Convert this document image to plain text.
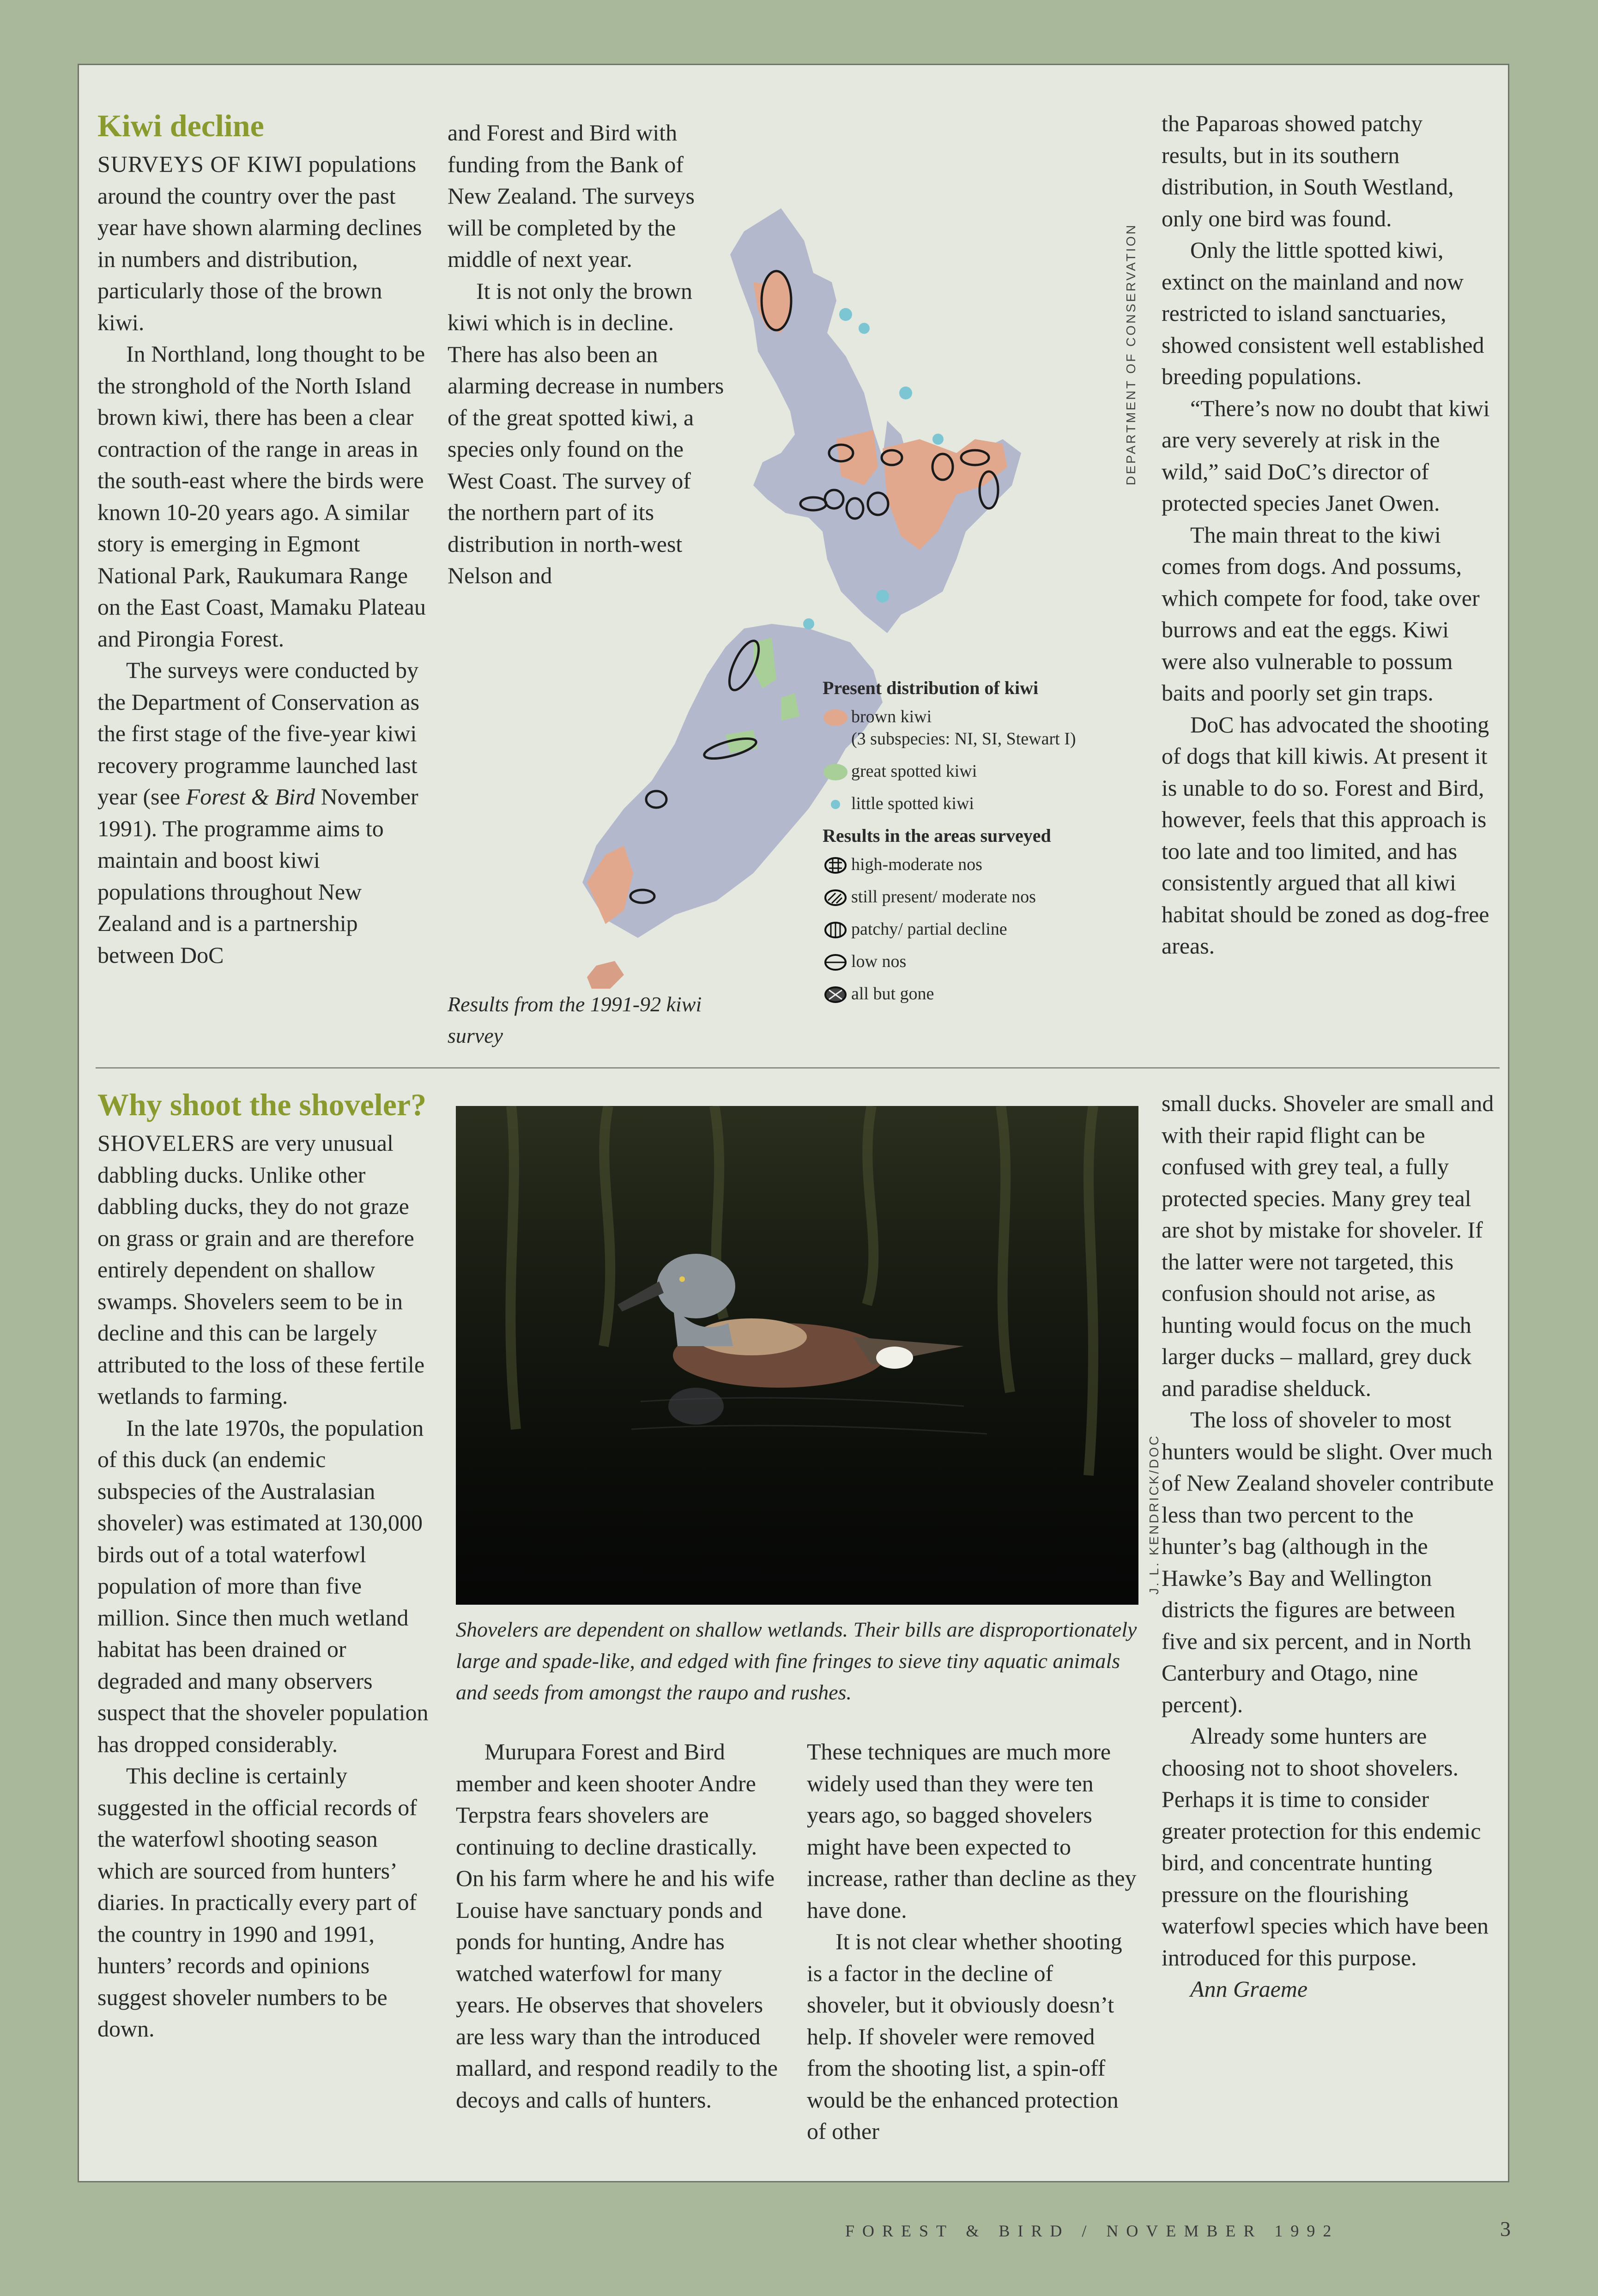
Kiwi decline

SURVEYS OF KIWI populations around the country over the past year have shown alarming declines in numbers and distribution, particularly those of the brown kiwi.

In Northland, long thought to be the stronghold of the North Island brown kiwi, there has been a clear contraction of the range in areas in the south-east where the birds were known 10-20 years ago. A similar story is emerging in Egmont National Park, Raukumara Range on the East Coast, Mamaku Plateau and Pirongia Forest.

The surveys were conducted by the Department of Conservation as the first stage of the five-year kiwi recovery programme launched last year (see Forest & Bird November 1991). The programme aims to maintain and boost kiwi populations throughout New Zealand and is a partnership between DoC

and Forest and Bird with funding from the Bank of New Zealand. The surveys will be completed by the middle of next year.

It is not only the brown kiwi which is in decline. There has also been an alarming decrease in numbers of the great spotted kiwi, a species only found on the West Coast. The survey of the northern part of its distribution in north-west Nelson and

Results from the 1991-92 kiwi survey
DEPARTMENT OF CONSERVATION
Present distribution of kiwi
brown kiwi
(3 subspecies: NI, SI, Stewart I)
great spotted kiwi
little spotted kiwi
Results in the areas surveyed
high-moderate nos
still present/ moderate nos
patchy/ partial decline
low nos
all but gone

the Paparoas showed patchy results, but in its southern distribution, in South Westland, only one bird was found.

Only the little spotted kiwi, extinct on the mainland and now restricted to island sanctuaries, showed consistent well established breeding populations.

“There’s now no doubt that kiwi are very severely at risk in the wild,” said DoC’s director of protected species Janet Owen.

The main threat to the kiwi comes from dogs. And possums, which compete for food, take over burrows and eat the eggs. Kiwi were also vulnerable to possum baits and poorly set gin traps.

DoC has advocated the shooting of dogs that kill kiwis. At present it is unable to do so. Forest and Bird, however, feels that this approach is too late and too limited, and has consistently argued that all kiwi habitat should be zoned as dog-free areas.

Why shoot the shoveler?

SHOVELERS are very unusual dabbling ducks. Unlike other dabbling ducks, they do not graze on grass or grain and are therefore entirely dependent on shallow swamps. Shovelers seem to be in decline and this can be largely attributed to the loss of these fertile wetlands to farming.

In the late 1970s, the population of this duck (an endemic subspecies of the Australasian shoveler) was estimated at 130,000 birds out of a total waterfowl population of more than five million. Since then much wetland habitat has been drained or degraded and many observers suspect that the shoveler population has dropped considerably.

This decline is certainly suggested in the official records of the waterfowl shooting season which are sourced from hunters’ diaries. In practically every part of the country in 1990 and 1991, hunters’ records and opinions suggest shoveler numbers to be down.

J. L. KENDRICK/DOC
Shovelers are dependent on shallow wetlands. Their bills are disproportionately large and spade-like, and edged with fine fringes to sieve tiny aquatic animals and seeds from amongst the raupo and rushes.

Murupara Forest and Bird member and keen shooter Andre Terpstra fears shovelers are continuing to decline drastically. On his farm where he and his wife Louise have sanctuary ponds and ponds for hunting, Andre has watched waterfowl for many years. He observes that shovelers are less wary than the introduced mallard, and respond readily to the decoys and calls of hunters.

These techniques are much more widely used than they were ten years ago, so bagged shovelers might have been expected to increase, rather than decline as they have done.

It is not clear whether shooting is a factor in the decline of shoveler, but it obviously doesn’t help. If shoveler were removed from the shooting list, a spin-off would be the enhanced protection of other

small ducks. Shoveler are small and with their rapid flight can be confused with grey teal, a fully protected species. Many grey teal are shot by mistake for shoveler. If the latter were not targeted, this confusion should not arise, as hunting would focus on the much larger ducks – mallard, grey duck and paradise shelduck.

The loss of shoveler to most hunters would be slight. Over much of New Zealand shoveler contribute less than two percent to the hunter’s bag (although in the Hawke’s Bay and Wellington districts the figures are between five and six percent, and in North Canterbury and Otago, nine percent).

Already some hunters are choosing not to shoot shovelers. Perhaps it is time to consider greater protection for this endemic bird, and concentrate hunting pressure on the flourishing waterfowl species which have been introduced for this purpose.

Ann Graeme

FOREST & BIRD / NOVEMBER 1992	3
